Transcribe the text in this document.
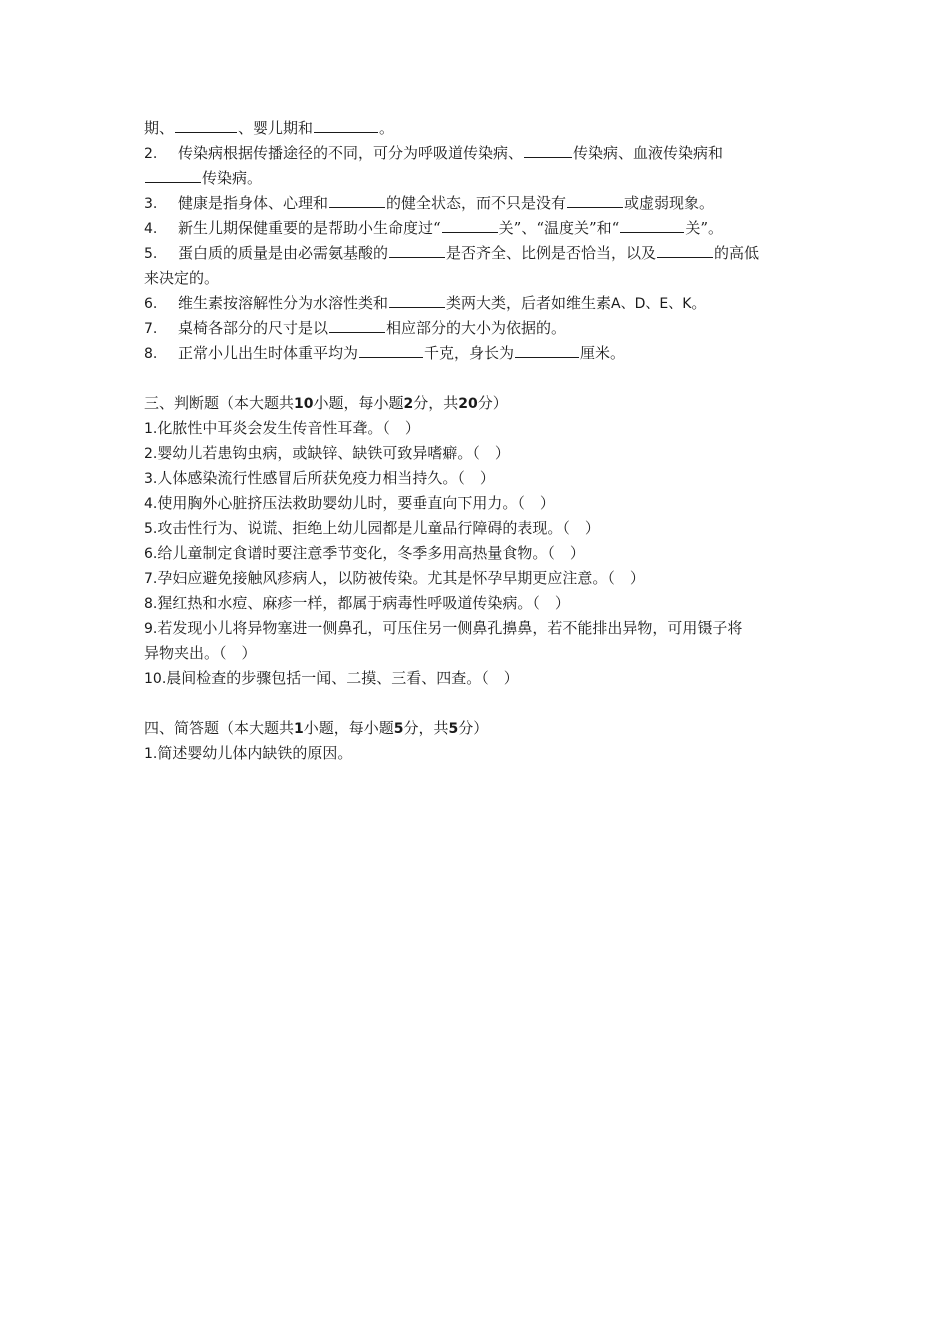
期、	、婴儿期和	。
2. 传染病根据传播途径的不同，可分为呼吸道传染病、	传染病、血液传染病和
传染病。
3. 健康是指身体、心理和	的健全状态，而不只是没有	或虚弱现象。
4. 新生儿期保健重要的是帮助小生命度过“	关”、“温度关”和“	关”。
5. 蛋白质的质量是由必需氨基酸的	是否齐全、比例是否恰当，以及	的高低
来决定的。
6. 维生素按溶解性分为水溶性类和	类两大类，后者如维生素A、D、E、K。
7. 桌椅各部分的尺寸是以	相应部分的大小为依据的。
8. 正常小儿出生时体重平均为	千克，身长为	厘米。
三、判断题（本大题共10小题，每小题2分，共20分）
1.化脓性中耳炎会发生传音性耳聋。（　）
2.婴幼儿若患钩虫病，或缺锌、缺铁可致异嗜癖。（　）
3.人体感染流行性感冒后所获免疫力相当持久。（　）
4.使用胸外心脏挤压法救助婴幼儿时，要垂直向下用力。（　）
5.攻击性行为、说谎、拒绝上幼儿园都是儿童品行障碍的表现。（　）
6.给儿童制定食谱时要注意季节变化，冬季多用高热量食物。（　）
7.孕妇应避免接触风疹病人，以防被传染。尤其是怀孕早期更应注意。（　）
8.猩红热和水痘、麻疹一样，都属于病毒性呼吸道传染病。（　）
9.若发现小儿将异物塞进一侧鼻孔，可压住另一侧鼻孔擤鼻，若不能排出异物，可用镊子将
异物夹出。（　）
10.晨间检查的步骤包括一闻、二摸、三看、四查。（　）
四、简答题（本大题共1小题，每小题5分，共5分）
1.简述婴幼儿体内缺铁的原因。
